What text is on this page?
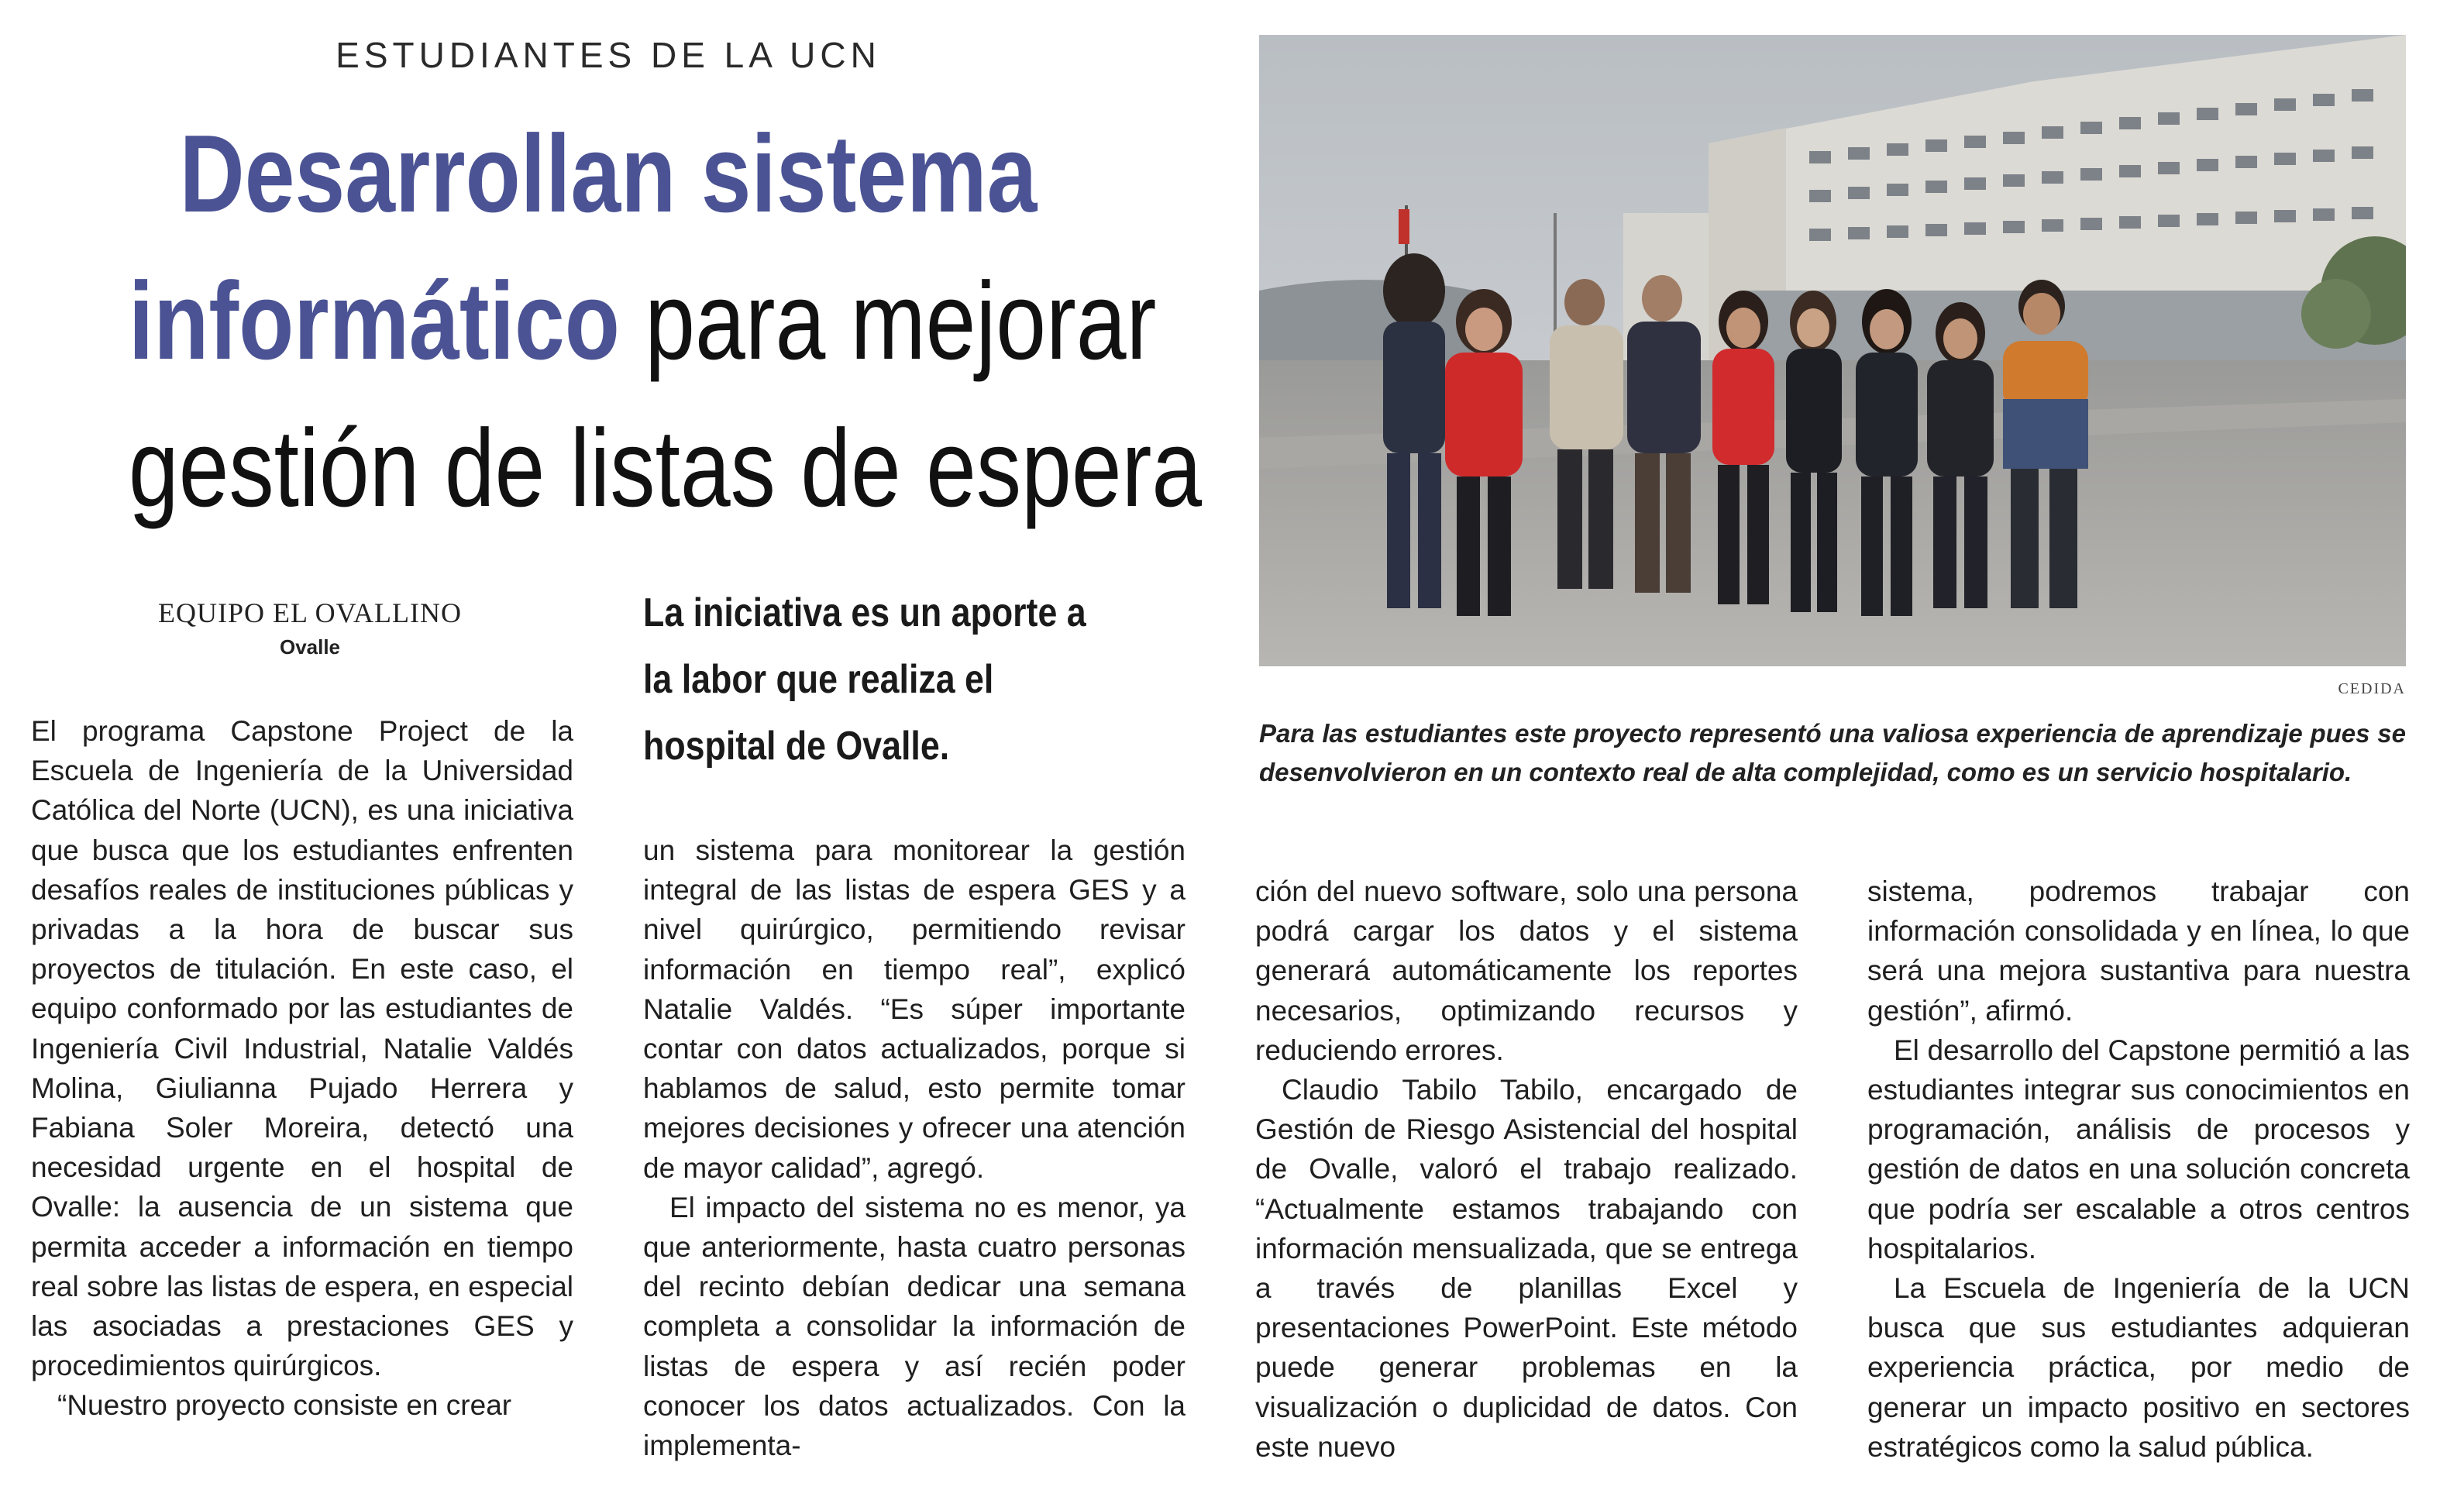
ESTUDIANTES DE LA UCN
Desarrollan sistema
informático para mejorar
gestión de listas de espera
EQUIPO EL OVALLINO
Ovalle
La iniciativa es un aporte a la labor que realiza el hospital de Ovalle.

El programa Capstone Project de la Escuela de Ingeniería de la Universidad Católica del Norte (UCN), es una iniciativa que busca que los estudiantes enfrenten desafíos reales de instituciones públicas y privadas a la hora de buscar sus proyectos de titulación. En este caso, el equipo conformado por las estudiantes de Ingeniería Civil Industrial, Natalie Valdés Molina, Giulianna Pujado Herrera y Fabiana Soler Moreira, detectó una necesidad urgente en el hospital de Ovalle: la ausencia de un sistema que permita acceder a información en tiempo real sobre las listas de espera, en especial las asociadas a prestaciones GES y procedimientos quirúrgicos.

“Nuestro proyecto consiste en crear

un sistema para monitorear la gestión integral de las listas de espera GES y a nivel quirúrgico, permitiendo revisar información en tiempo real”, explicó Natalie Valdés. “Es súper importante contar con datos actualizados, porque si hablamos de salud, esto permite tomar mejores decisiones y ofrecer una atención de mayor calidad”, agregó.

El impacto del sistema no es menor, ya que anteriormente, hasta cuatro personas del recinto debían dedicar una semana completa a consolidar la información de listas de espera y así recién poder conocer los datos actualizados. Con la implementa-

ción del nuevo software, solo una persona podrá cargar los datos y el sistema generará automáticamente los reportes necesarios, optimizando recursos y reduciendo errores.

Claudio Tabilo Tabilo, encargado de Gestión de Riesgo Asistencial del hospital de Ovalle, valoró el trabajo realizado. “Actualmente estamos trabajando con información mensualizada, que se entrega a través de planillas Excel y presentaciones PowerPoint. Este método puede generar problemas en la visualización o duplicidad de datos. Con este nuevo

sistema, podremos trabajar con información consolidada y en línea, lo que será una mejora sustantiva para nuestra gestión”, afirmó.

El desarrollo del Capstone permitió a las estudiantes integrar sus conocimientos en programación, análisis de procesos y gestión de datos en una solución concreta que podría ser escalable a otros centros hospitalarios.

La Escuela de Ingeniería de la UCN busca que sus estudiantes adquieran experiencia práctica, por medio de generar un impacto positivo en sectores estratégicos como la salud pública.

CEDIDA
Para las estudiantes este proyecto representó una valiosa experiencia de aprendizaje pues se desenvolvieron en un contexto real de alta complejidad, como es un servicio hospitalario.
